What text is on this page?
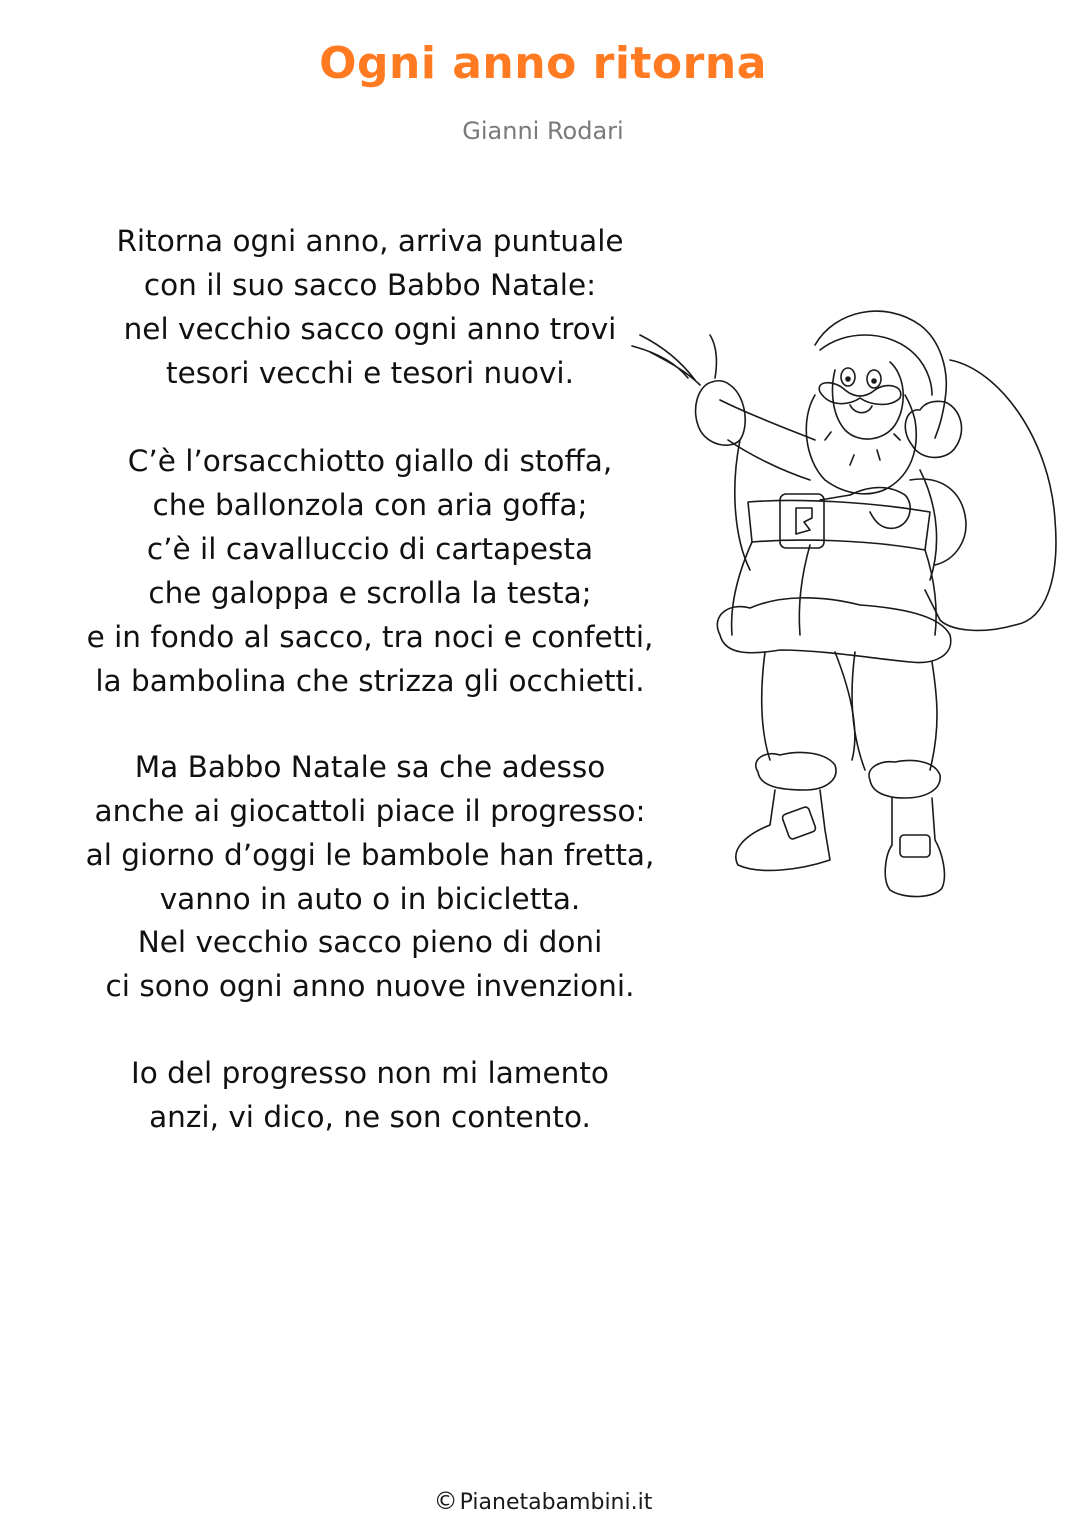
Ogni anno ritorna
Gianni Rodari
Ritorna ogni anno, arriva puntuale
con il suo sacco Babbo Natale:
nel vecchio sacco ogni anno trovi
tesori vecchi e tesori nuovi.
C’è l’orsacchiotto giallo di stoffa,
che ballonzola con aria goffa;
c’è il cavalluccio di cartapesta
che galoppa e scrolla la testa;
e in fondo al sacco, tra noci e confetti,
la bambolina che strizza gli occhietti.
Ma Babbo Natale sa che adesso
anche ai giocattoli piace il progresso:
al giorno d’oggi le bambole han fretta,
vanno in auto o in bicicletta.
Nel vecchio sacco pieno di doni
ci sono ogni anno nuove invenzioni.
Io del progresso non mi lamento
anzi, vi dico, ne son contento.
©Pianetabambini.it
